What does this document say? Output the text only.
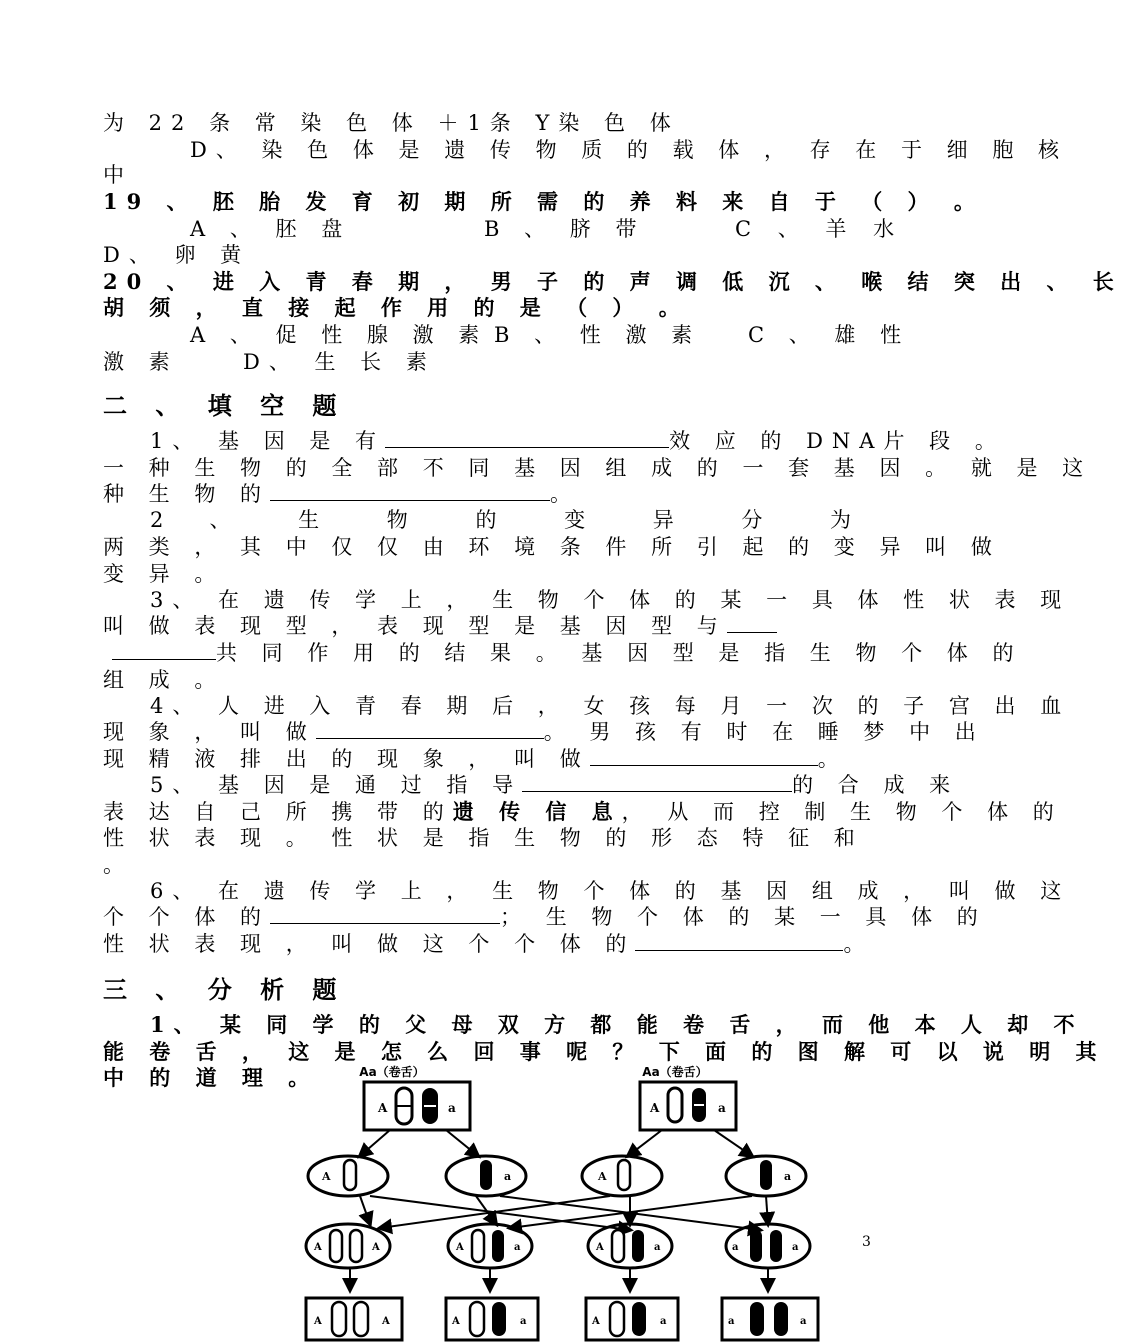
为 22 条 常 染 色 体 ＋1条 Y染 色 体
D、 染 色 体 是 遗 传 物 质 的 载 体 ， 存 在 于 细 胞 核
中
19 、 胚 胎 发 育 初 期 所 需 的 养 料 来 自 于 （ ） 。
A 、 胚 盘	B 、 脐 带	C 、 羊 水
D、 卵 黄
20 、 进 入 青 春 期 ， 男 子 的 声 调 低 沉 、 喉 结 突 出 、 长
胡 须 ， 直 接 起 作 用 的 是 （ ） 。
A 、 促 性 腺 激 素 B 、 性 激 素 C 、 雄 性
激 素	D、 生 长 素
二 、 填 空 题
1、 基 因 是 有	效 应 的 DNA片 段 。
一 种 生 物 的 全 部 不 同 基 因 组 成 的 一 套 基 因 。 就 是 这
种 生 物 的	。
2 、 生 物 的 变 异 分 为
两 类 ， 其 中 仅 仅 由 环 境 条 件 所 引 起 的 变 异 叫 做
变 异 。
3、 在 遗 传 学 上 ， 生 物 个 体 的 某 一 具 体 性 状 表 现
叫 做 表 现 型 ， 表 现 型 是 基 因 型 与
共 同 作 用 的 结 果 。 基 因 型 是 指 生 物 个 体 的
组 成 。
4、 人 进 入 青 春 期 后 ， 女 孩 每 月 一 次 的 子 宫 出 血
现 象 ， 叫 做	。 男 孩 有 时 在 睡 梦 中 出
现 精 液 排 出 的 现 象 ， 叫 做	。
5、 基 因 是 通 过 指 导	的 合 成 来
表 达 自 己 所 携 带 的遗 传 信 息， 从 而 控 制 生 物 个 体 的
性 状 表 现 。 性 状 是 指 生 物 的 形 态 特 征 和
。
6、 在 遗 传 学 上 ， 生 物 个 体 的 基 因 组 成 ， 叫 做 这
个 个 体 的	； 生 物 个 体 的 某 一 具 体 的
性 状 表 现 ， 叫 做 这 个 个 体 的	。
三 、 分 析 题
1、 某 同 学 的 父 母 双 方 都 能 卷 舌 ， 而 他 本 人 却 不
能 卷 舌 ， 这 是 怎 么 回 事 呢 ？ 下 面 的 图 解 可 以 说 明 其
中 的 道 理 。	Aa（卷舌）	Aa（卷舌）
A	a	A	a
A	a	A	a
A	A	A	a	A	a	a	a
A	A	A	a	A	a	a	a
3
